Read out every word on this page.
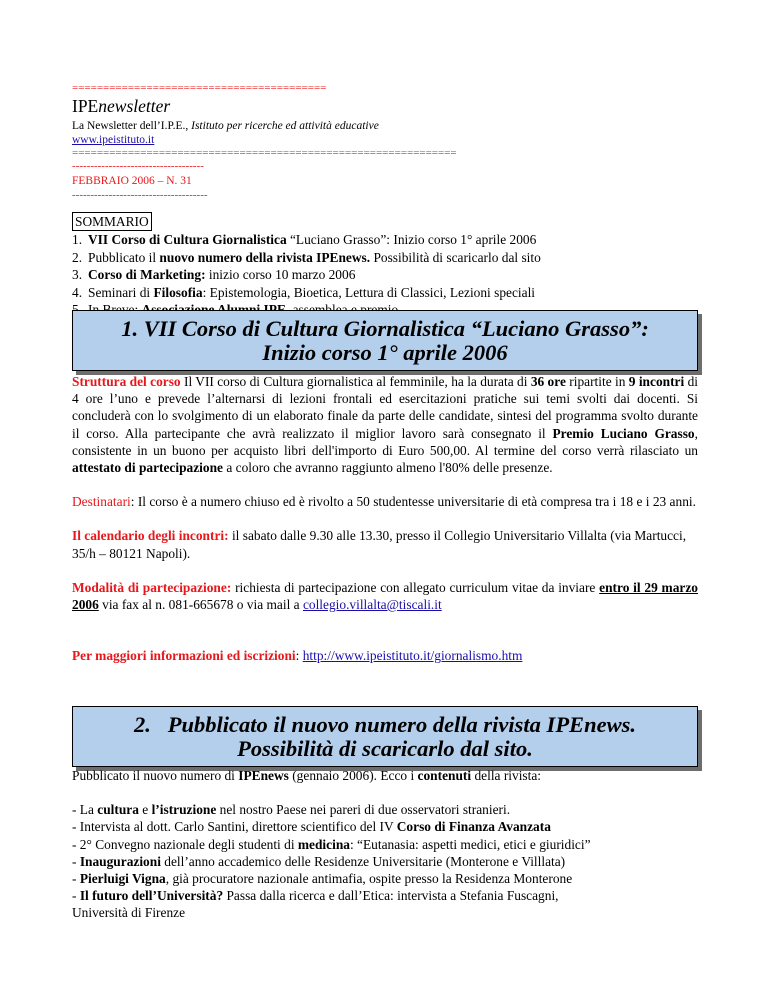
=========================================
IPEnewsletter
La Newsletter dell’I.P.E., Istituto per ricerche ed attività educative
www.ipeistituto.it
==============================================================
------------------------------------
FEBBRAIO 2006 – N. 31
-------------------------------------
SOMMARIO
1. VII Corso di Cultura Giornalistica “Luciano Grasso”: Inizio corso 1° aprile 2006
2. Pubblicato il nuovo numero della rivista IPEnews. Possibilità di scaricarlo dal sito
3. Corso di Marketing: inizio corso 10 marzo 2006
4. Seminari di Filosofia: Epistemologia, Bioetica, Lettura di Classici, Lezioni speciali
1. VII Corso di Cultura Giornalistica “Luciano Grasso”:
Inizio corso 1° aprile 2006

Struttura del corso Il VII corso di Cultura giornalistica al femminile, ha la durata di 36 ore ripartite in 9 incontri di 4 ore l’uno e prevede l’alternarsi di lezioni frontali ed esercitazioni pratiche sui temi svolti dai docenti. Si concluderà con lo svolgimento di un elaborato finale da parte delle candidate, sintesi del programma svolto durante il corso. Alla partecipante che avrà realizzato il miglior lavoro sarà consegnato il Premio Luciano Grasso, consistente in un buono per acquisto libri dell'importo di Euro 500,00. Al termine del corso verrà rilasciato un attestato di partecipazione a coloro che avranno raggiunto almeno l'80% delle presenze.

Destinatari: Il corso è a numero chiuso ed è rivolto a 50 studentesse universitarie di età compresa tra i 18 e i 23 anni.

Il calendario degli incontri: il sabato dalle 9.30 alle 13.30, presso il Collegio Universitario Villalta (via Martucci, 35/h – 80121 Napoli).

Modalità di partecipazione: richiesta di partecipazione con allegato curriculum vitae da inviare entro il 29 marzo 2006 via fax al n. 081-665678 o via mail a collegio.villalta@tiscali.it

Per maggiori informazioni ed iscrizioni: http://www.ipeistituto.it/giornalismo.htm

2.   Pubblicato il nuovo numero della rivista IPEnews.
Possibilità di scaricarlo dal sito.

Pubblicato il nuovo numero di IPEnews (gennaio 2006). Ecco i contenuti della rivista:

- La cultura e l’istruzione nel nostro Paese nei pareri di due osservatori stranieri.
- Intervista al dott. Carlo Santini, direttore scientifico del IV Corso di Finanza Avanzata
- 2° Convegno nazionale degli studenti di medicina: “Eutanasia: aspetti medici, etici e giuridici”
- Inaugurazioni dell’anno accademico delle Residenze Universitarie (Monterone e Villlata)
- Pierluigi Vigna, già procuratore nazionale antimafia, ospite presso la Residenza Monterone
- Il futuro dell’Università? Passa dalla ricerca e dall’Etica: intervista a Stefania Fuscagni,
Università di Firenze
